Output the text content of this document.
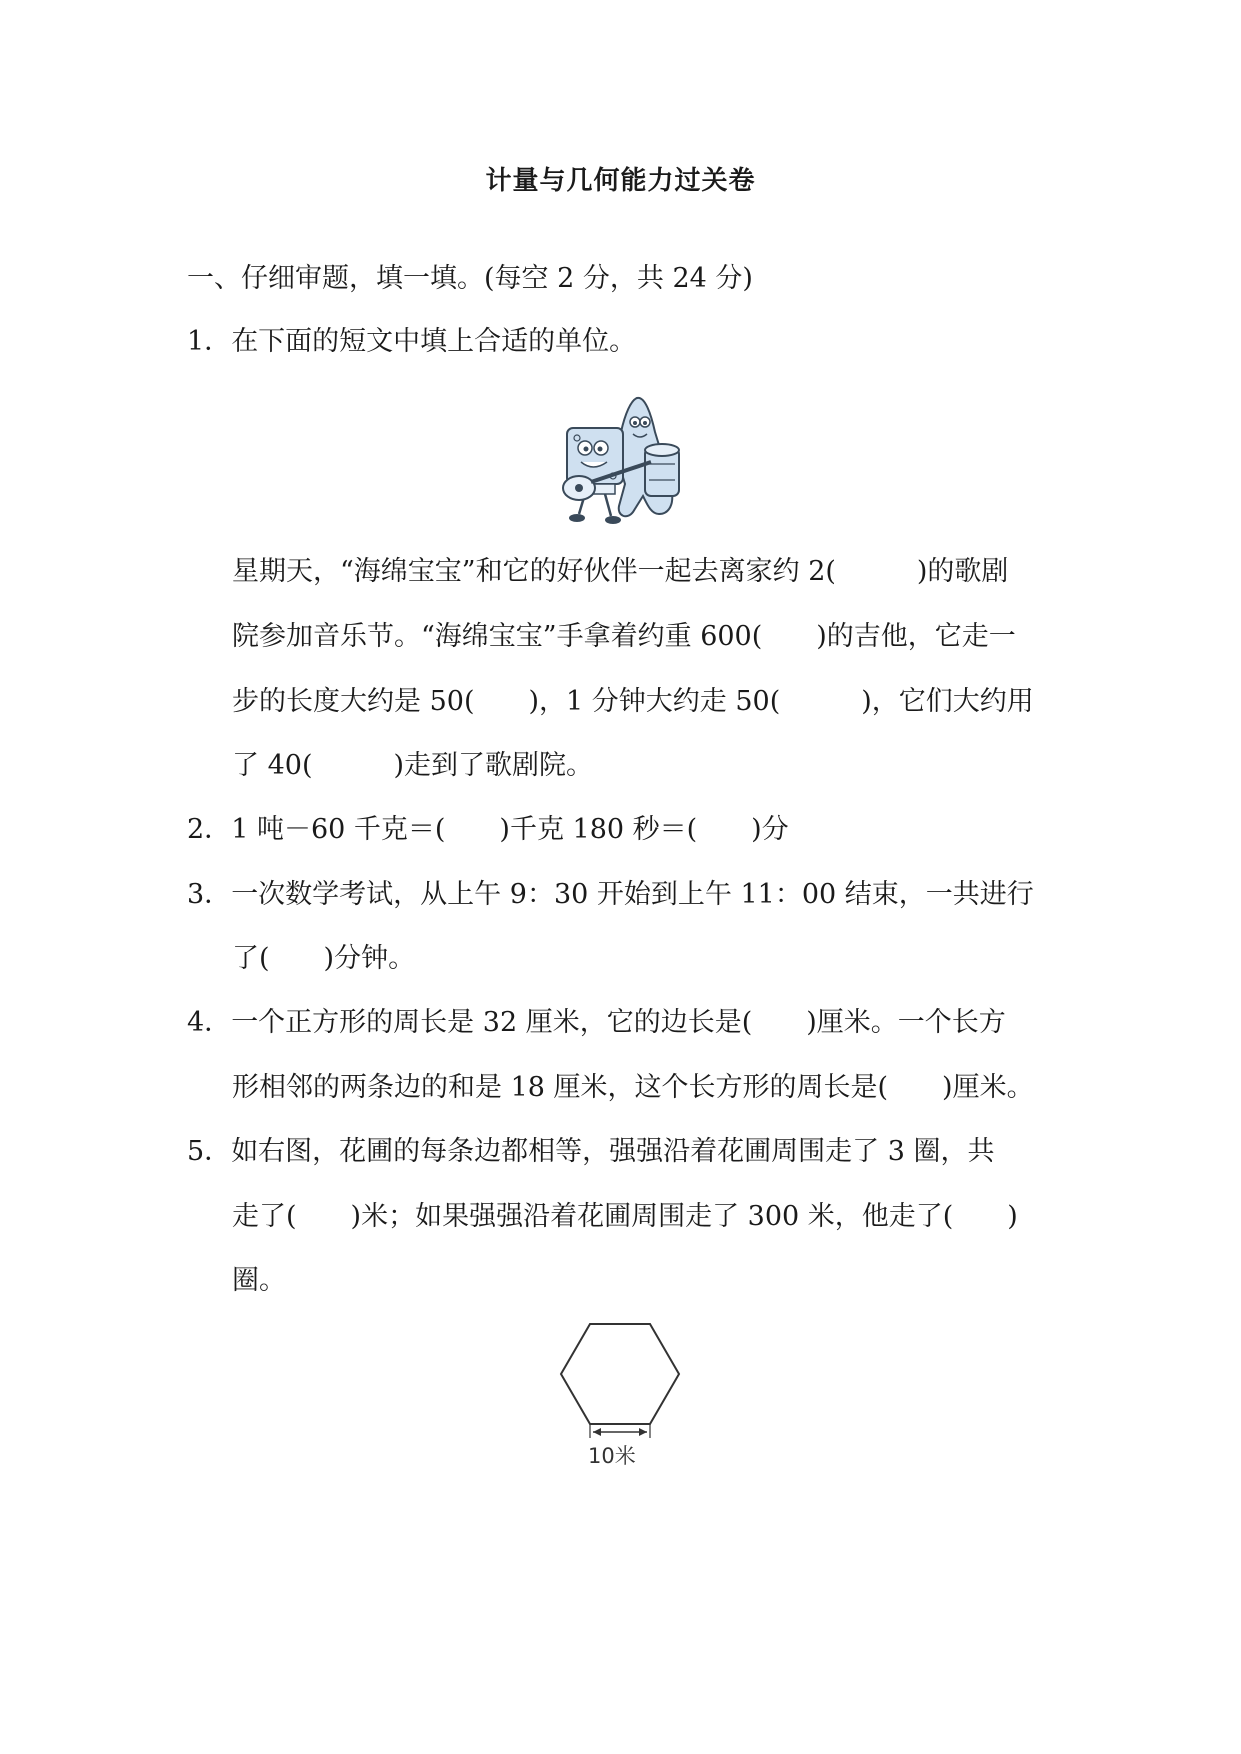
计量与几何能力过关卷
一、仔细审题，填一填。(每空 2 分，共 24 分)
1．在下面的短文中填上合适的单位。
星期天，“海绵宝宝”和它的好伙伴一起去离家约 2(　　　)的歌剧
院参加音乐节。“海绵宝宝”手拿着约重 600(　　)的吉他，它走一
步的长度大约是 50(　　)，1 分钟大约走 50(　　　)，它们大约用
了 40(　　　)走到了歌剧院。
2．1 吨－60 千克＝(　　)千克 180 秒＝(　　)分
3．一次数学考试，从上午 9：30 开始到上午 11：00 结束，一共进行
了(　　)分钟。
4．一个正方形的周长是 32 厘米，它的边长是(　　)厘米。一个长方
形相邻的两条边的和是 18 厘米，这个长方形的周长是(　　)厘米。
5．如右图，花圃的每条边都相等，强强沿着花圃周围走了 3 圈，共
走了(　　)米；如果强强沿着花圃周围走了 300 米，他走了(　　)
圈。
10米
